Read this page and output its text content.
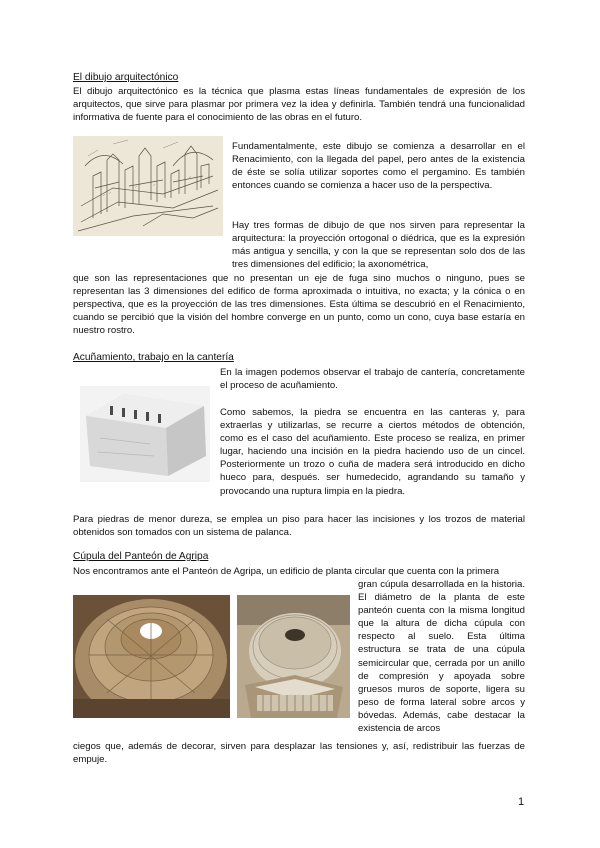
El dibujo arquitectónico
El dibujo arquitectónico es la técnica que plasma estas líneas fundamentales de expresión de los arquitectos, que sirve para plasmar por primera vez la idea y definirla. También tendrá una funcionalidad informativa de fuente para el conocimiento de las obras en el futuro.
Fundamentalmente, este dibujo se comienza a desarrollar en el Renacimiento, con la llegada del papel, pero antes de la existencia de éste se solía utilizar soportes como el pergamino. Es también entonces cuando se comienza a hacer uso de la perspectiva.
Hay tres formas de dibujo de que nos sirven para representar la arquitectura: la proyección ortogonal o diédrica, que es la expresión más antigua y sencilla, y con la que se representan solo dos de las tres dimensiones del edificio; la axonométrica,
que son las representaciones que no presentan un eje de fuga sino muchos o ninguno, pues se representan las 3 dimensiones del edifico de forma aproximada o intuitiva, no exacta; y la cónica o en perspectiva, que es la proyección de las tres dimensiones. Esta última se descubrió en el Renacimiento, cuando se percibió que la visión del hombre converge en un punto, como un cono, cuya base estaría en nuestro rostro.
Acuñamiento, trabajo en la cantería
En la imagen podemos observar el trabajo de cantería, concretamente el proceso de acuñamiento.
Como sabemos, la piedra se encuentra en las canteras y, para extraerlas y utilizarlas, se recurre a ciertos métodos de obtención, como es el caso del acuñamiento. Este proceso se realiza, en primer lugar, haciendo una incisión en la piedra haciendo uso de un cincel. Posteriormente un trozo o cuña de madera será introducido en dicho hueco para, después. ser humedecido, agrandando su tamaño y provocando una ruptura limpia en la piedra.
Para piedras de menor dureza, se emplea un piso para hacer las incisiones y los trozos de material obtenidos son tomados con un sistema de palanca.
Cúpula del Panteón de Agripa
Nos encontramos ante el Panteón de Agripa, un edificio de planta circular que cuenta con la primera
gran cúpula desarrollada en la historia. El diámetro de la planta de este panteón cuenta con la misma longitud que la altura de dicha cúpula con respecto al suelo. Esta última estructura se trata de una cúpula semicircular que, cerrada por un anillo de compresión y apoyada sobre gruesos muros de soporte, ligera su peso de forma lateral sobre arcos y bóvedas. Además, cabe destacar la existencia de arcos
ciegos que, además de decorar, sirven para desplazar las tensiones y, así, redistribuir las fuerzas de empuje.
1
